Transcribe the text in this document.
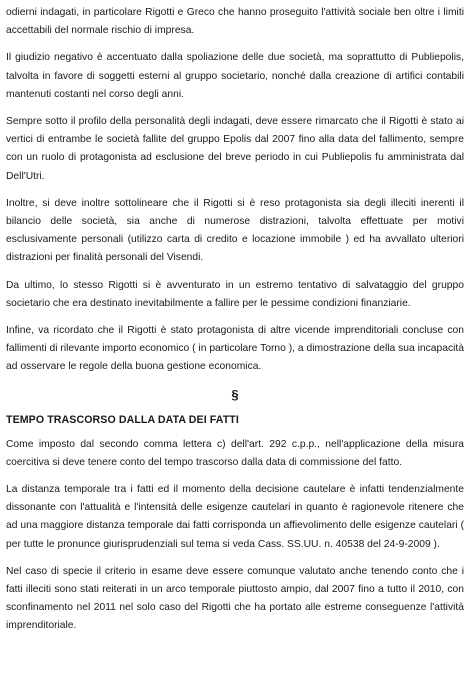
odierni indagati, in particolare Rigotti e Greco che hanno proseguito l'attività sociale ben oltre i limiti accettabili del normale rischio di impresa.

Il giudizio negativo è accentuato dalla spoliazione delle due società, ma soprattutto di Publiepolis, talvolta in favore di soggetti esterni al gruppo societario, nonché dalla creazione di artifici contabili mantenuti costanti nel corso degli anni.

Sempre sotto il profilo della personalità degli indagati, deve essere rimarcato che il Rigotti è stato ai vertici di entrambe le società fallite del gruppo Epolis dal 2007 fino alla data del fallimento, sempre con un ruolo di protagonista ad esclusione del breve periodo in cui Publiepolis fu amministrata dal Dell'Utri.

Inoltre, si deve inoltre sottolineare che il Rigotti si è reso protagonista sia degli illeciti inerenti il bilancio delle società, sia anche di numerose distrazioni, talvolta effettuate per motivi esclusivamente personali (utilizzo carta di credito e locazione immobile ) ed ha avvallato ulteriori distrazioni per finalità personali del Visendi.

Da ultimo, lo stesso Rigotti si è avventurato in un estremo tentativo di salvataggio del gruppo societario che era destinato inevitabilmente a fallire per le pessime condizioni finanziarie.

Infine, va ricordato che il Rigotti è stato protagonista di altre vicende imprenditoriali concluse con fallimenti di rilevante importo economico ( in particolare Torno ), a dimostrazione della sua incapacità ad osservare le regole della buona gestione economica.

§

TEMPO TRASCORSO DALLA DATA DEI FATTI

Come imposto dal secondo comma lettera c) dell'art. 292 c.p.p., nell'applicazione della misura coercitiva si deve tenere conto del tempo trascorso dalla data di commissione del fatto.

La distanza temporale tra i fatti ed il momento della decisione cautelare è infatti tendenzialmente dissonante con l'attualità e l'intensità delle esigenze cautelari in quanto è ragionevole ritenere che ad una maggiore distanza temporale dai fatti corrisponda un affievolimento delle esigenze cautelari ( per tutte le pronunce giurisprudenziali sul tema si veda Cass. SS.UU. n. 40538 del 24-9-2009 ).

Nel caso di specie il criterio in esame deve essere comunque valutato anche tenendo conto che i fatti illeciti sono stati reiterati in un arco temporale piuttosto ampio, dal 2007 fino a tutto il 2010, con sconfinamento nel 2011 nel solo caso del Rigotti che ha portato alle estreme conseguenze l'attività imprenditoriale.
